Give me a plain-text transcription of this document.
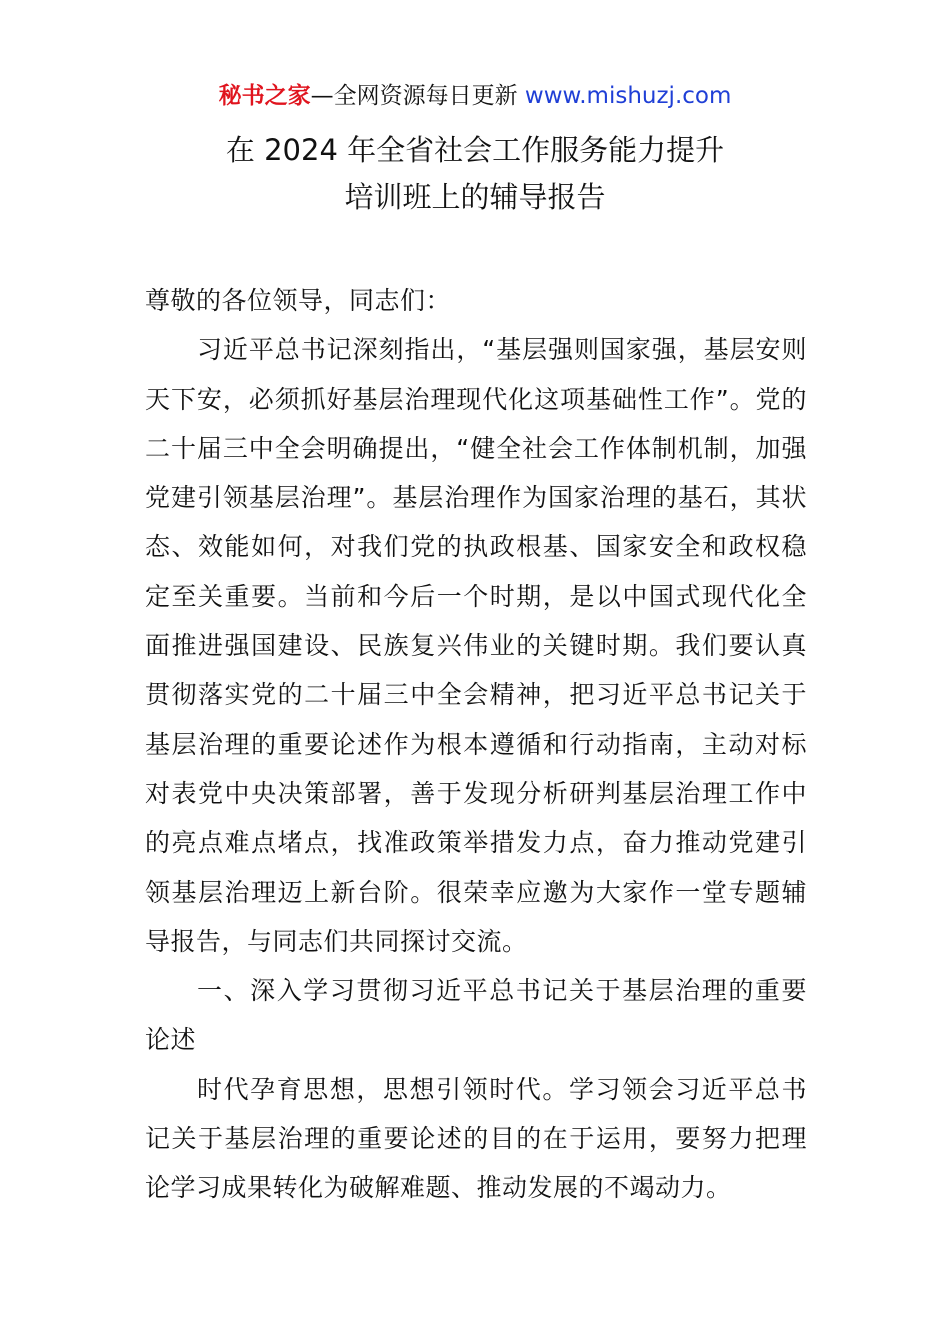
秘书之家—全网资源每日更新 www.mishuzj.com
在 2024 年全省社会工作服务能力提升
培训班上的辅导报告

尊敬的各位领导，同志们：

习近平总书记深刻指出，“基层强则国家强，基层安则天下安，必须抓好基层治理现代化这项基础性工作”。党的二十届三中全会明确提出，“健全社会工作体制机制，加强党建引领基层治理”。基层治理作为国家治理的基石，其状态、效能如何，对我们党的执政根基、国家安全和政权稳定至关重要。当前和今后一个时期，是以中国式现代化全面推进强国建设、民族复兴伟业的关键时期。我们要认真贯彻落实党的二十届三中全会精神，把习近平总书记关于基层治理的重要论述作为根本遵循和行动指南，主动对标对表党中央决策部署，善于发现分析研判基层治理工作中的亮点难点堵点，找准政策举措发力点，奋力推动党建引领基层治理迈上新台阶。很荣幸应邀为大家作一堂专题辅导报告，与同志们共同探讨交流。

一、深入学习贯彻习近平总书记关于基层治理的重要论述

时代孕育思想，思想引领时代。学习领会习近平总书记关于基层治理的重要论述的目的在于运用，要努力把理论学习成果转化为破解难题、推动发展的不竭动力。
